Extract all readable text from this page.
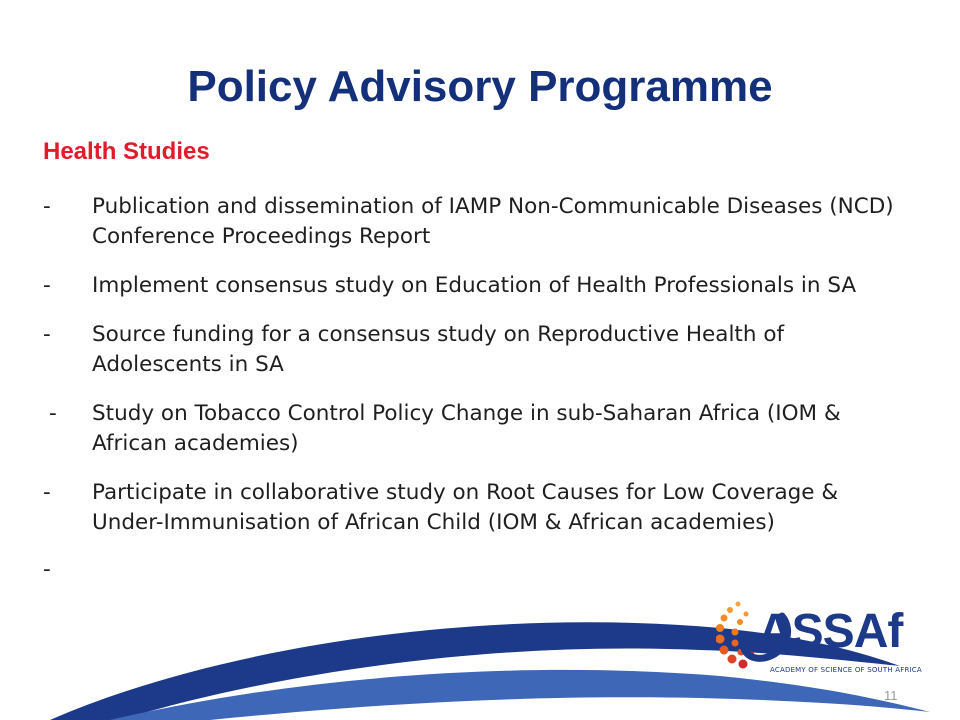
Policy Advisory Programme
Health Studies
- Publication and dissemination of IAMP Non-Communicable Diseases (NCD) Conference Proceedings Report
- Implement consensus study on Education of Health Professionals in SA
- Source funding for a consensus study on Reproductive Health of Adolescents in SA
- Study on Tobacco Control Policy Change in sub-Saharan Africa (IOM & African academies)
- Participate in collaborative study on Root Causes for Low Coverage & Under-Immunisation of African Child (IOM & African academies)
-
ASSAf
ACADEMY OF SCIENCE OF SOUTH AFRICA
11
